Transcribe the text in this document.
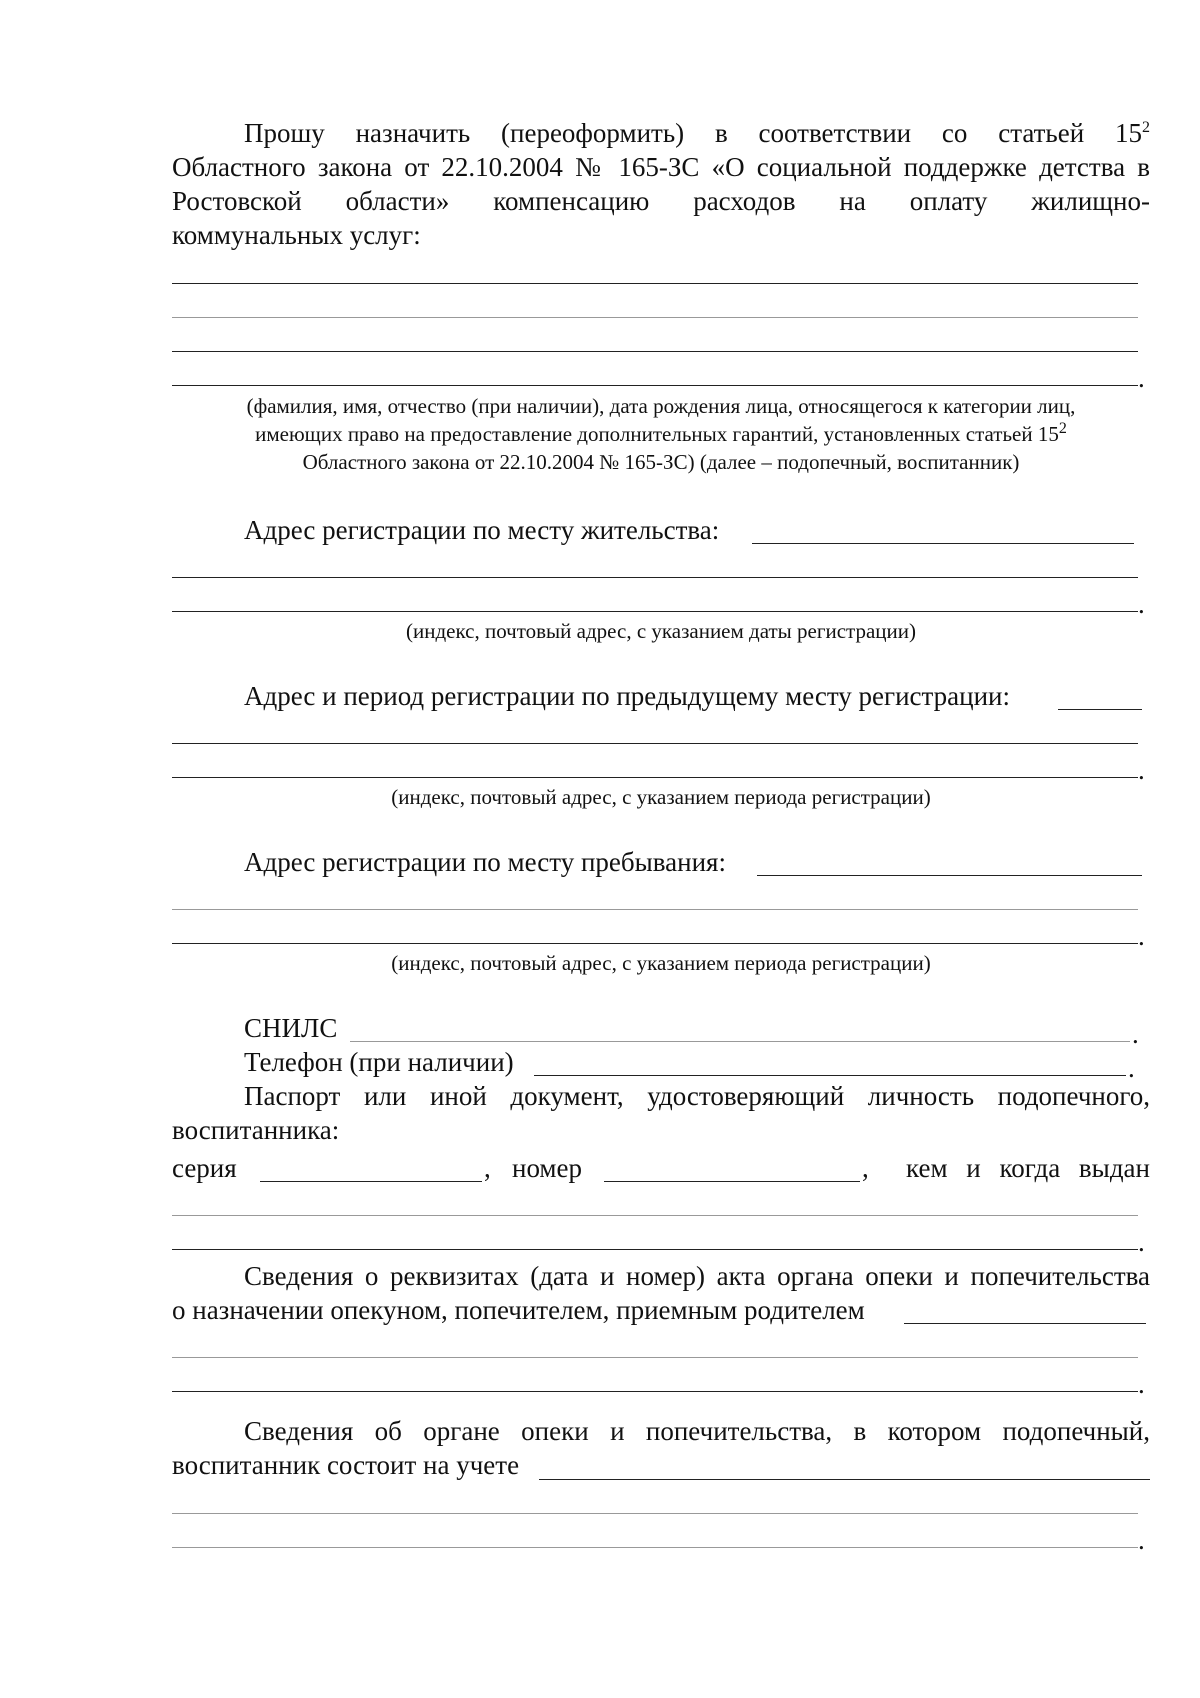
Прошу назначить (переоформить) в соответствии со статьей $15^2$
Областного закона от 22.10.2004 № 165-ЗС «О социальной поддержке детства в
Ростовской области» компенсацию расходов на оплату жилищно-
коммунальных услуг:
.
(фамилия, имя, отчество (при наличии), дата рождения лица, относящегося к категории лиц,
имеющих право на предоставление дополнительных гарантий, установленных статьей $15^2$
Областного закона от 22.10.2004 № 165-ЗС) (далее – подопечный, воспитанник)
Адрес регистрации по месту жительства:
.
(индекс, почтовый адрес, с указанием даты регистрации)
Адрес и период регистрации по предыдущему месту регистрации:
.
(индекс, почтовый адрес, с указанием периода регистрации)
Адрес регистрации по месту пребывания:
.
(индекс, почтовый адрес, с указанием периода регистрации)
СНИЛС	.
Телефон (при наличии)	.
Паспорт или иной документ, удостоверяющий личность подопечного,
воспитанника:
серия	, номер	, кем и когда выдан
.
Сведения о реквизитах (дата и номер) акта органа опеки и попечительства
о назначении опекуном, попечителем, приемным родителем
.
Сведения об органе опеки и попечительства, в котором подопечный,
воспитанник состоит на учете
.
